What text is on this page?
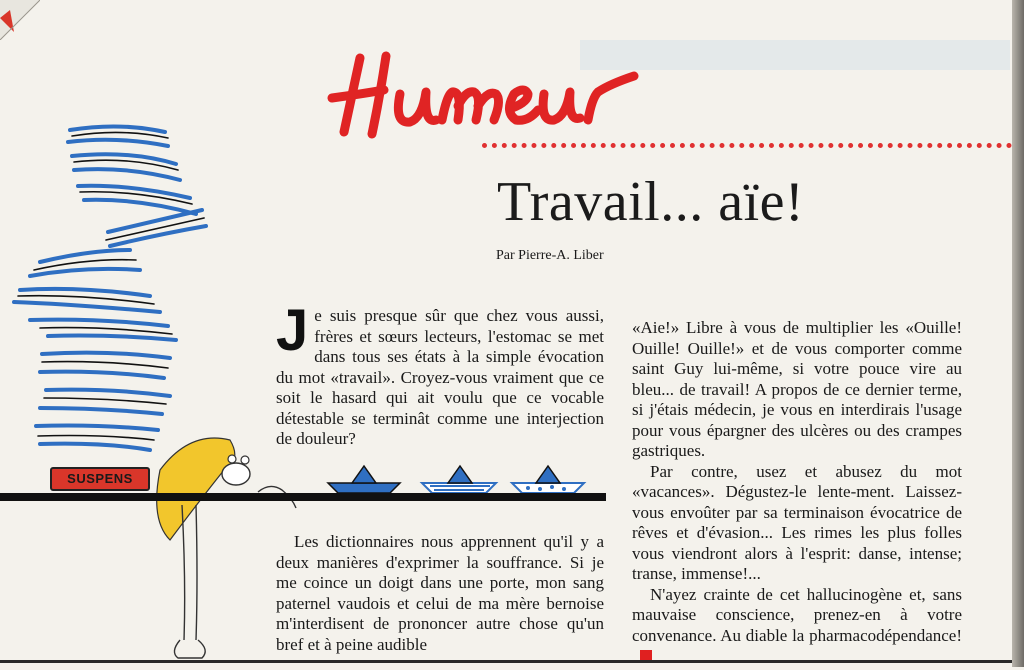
Travail... aïe!
Par Pierre-A. Liber
SUSPENS

Je suis presque sûr que chez vous aussi, frères et sœurs lecteurs, l'estomac se met dans tous ses états à la simple évocation du mot «travail». Croyez-vous vraiment que ce soit le hasard qui ait voulu que ce vocable détestable se terminât comme une interjection de douleur?

Les dictionnaires nous apprennent qu'il y a deux manières d'exprimer la souffrance. Si je me coince un doigt dans une porte, mon sang paternel vaudois et celui de ma mère bernoise m'interdisent de prononcer autre chose qu'un bref et à peine audible

«Aie!» Libre à vous de multiplier les «Ouille! Ouille! Ouille!» et de vous comporter comme saint Guy lui-même, si votre pouce vire au bleu... de travail! A propos de ce dernier terme, si j'étais médecin, je vous en interdirais l'usage pour vous épargner des ulcères ou des crampes gastriques.

Par contre, usez et abusez du mot «vacances». Dégustez-le lente-ment. Laissez-vous envoûter par sa terminaison évocatrice de rêves et d'évasion... Les rimes les plus folles vous viendront alors à l'esprit: danse, intense; transe, immense!...

N'ayez crainte de cet hallucinogène et, sans mauvaise conscience, prenez-en à votre convenance. Au diable la pharmacodépendance!
